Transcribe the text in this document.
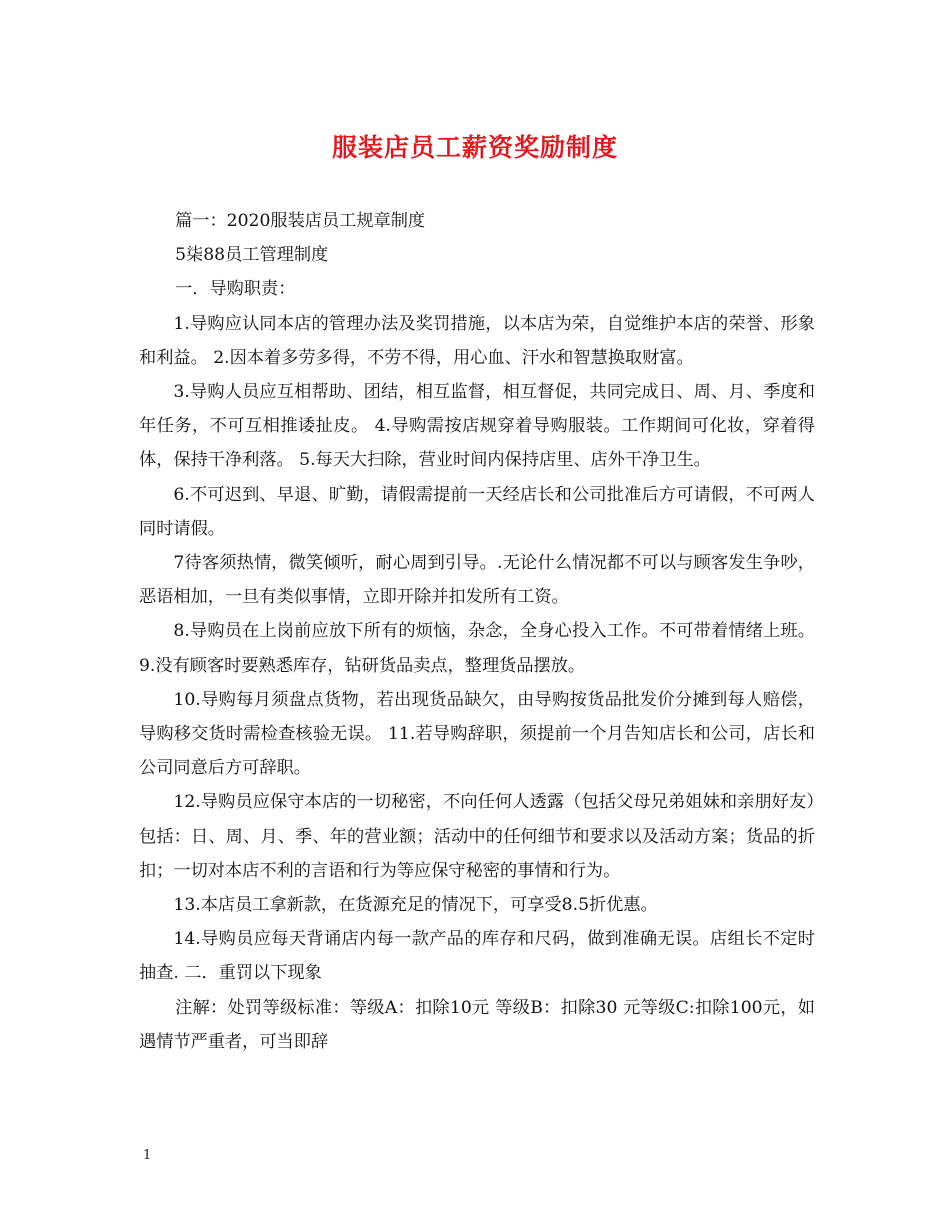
服装店员工薪资奖励制度

篇一：2020服装店员工规章制度

5柒88员工管理制度

一．导购职责：

1.导购应认同本店的管理办法及奖罚措施，以本店为荣，自觉维护本店的荣誉、形象和利益。 2.因本着多劳多得，不劳不得，用心血、汗水和智慧换取财富。

3.导购人员应互相帮助、团结，相互监督，相互督促，共同完成日、周、月、季度和年任务，不可互相推诿扯皮。 4.导购需按店规穿着导购服装。工作期间可化妆，穿着得体，保持干净利落。 5.每天大扫除，营业时间内保持店里、店外干净卫生。

6.不可迟到、早退、旷勤，请假需提前一天经店长和公司批准后方可请假，不可两人同时请假。

7待客须热情，微笑倾听，耐心周到引导。.无论什么情况都不可以与顾客发生争吵，恶语相加，一旦有类似事情，立即开除并扣发所有工资。

8.导购员在上岗前应放下所有的烦恼，杂念，全身心投入工作。不可带着情绪上班。 9.没有顾客时要熟悉库存，钻研货品卖点，整理货品摆放。

10.导购每月须盘点货物，若出现货品缺欠，由导购按货品批发价分摊到每人赔偿，导购移交货时需检查核验无误。 11.若导购辞职，须提前一个月告知店长和公司，店长和公司同意后方可辞职。

12.导购员应保守本店的一切秘密，不向任何人透露（包括父母兄弟姐妹和亲朋好友）包括：日、周、月、季、年的营业额；活动中的任何细节和要求以及活动方案；货品的折扣；一切对本店不利的言语和行为等应保守秘密的事情和行为。

13.本店员工拿新款，在货源充足的情况下，可享受8.5折优惠。

14.导购员应每天背诵店内每一款产品的库存和尺码，做到准确无误。店组长不定时抽查. 二．重罚以下现象

注解：处罚等级标准：等级A：扣除10元 等级B：扣除30 元等级C:扣除100元，如遇情节严重者，可当即辞

1
